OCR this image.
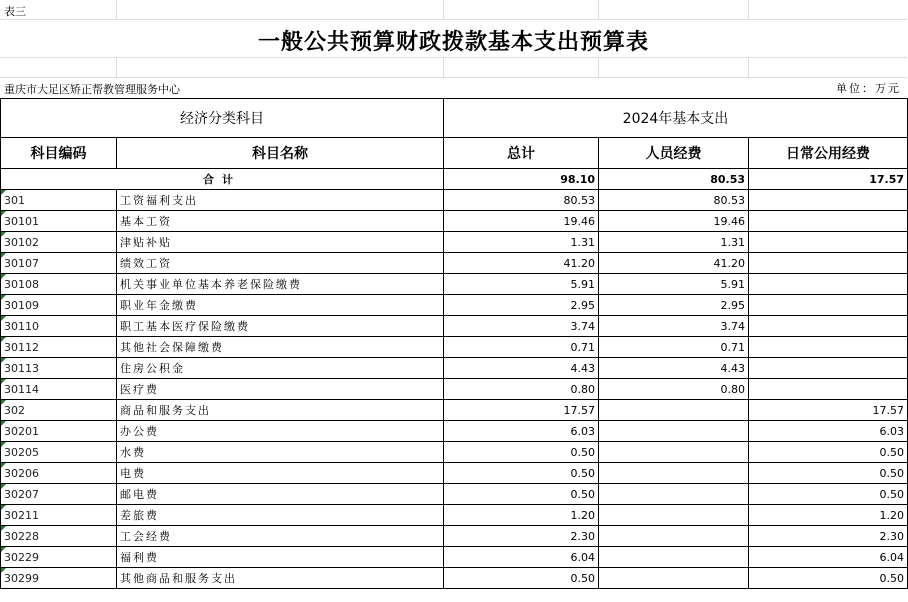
表三
一般公共预算财政拨款基本支出预算表
重庆市大足区矫正帮教管理服务中心	单位：万元
经济分类科目		2024年基本支出		
科目编码	科目名称	总计	人员经费	日常公用经费
合计		98.10	80.53	17.57
301	工资福利支出	80.53	80.53	
30101	基本工资	19.46	19.46	
30102	津贴补贴	1.31	1.31	
30107	绩效工资	41.20	41.20	
30108	机关事业单位基本养老保险缴费	5.91	5.91	
30109	职业年金缴费	2.95	2.95	
30110	职工基本医疗保险缴费	3.74	3.74	
30112	其他社会保障缴费	0.71	0.71	
30113	住房公积金	4.43	4.43	
30114	医疗费	0.80	0.80	
302	商品和服务支出	17.57		17.57
30201	办公费	6.03		6.03
30205	水费	0.50		0.50
30206	电费	0.50		0.50
30207	邮电费	0.50		0.50
30211	差旅费	1.20		1.20
30228	工会经费	2.30		2.30
30229	福利费	6.04		6.04
30299	其他商品和服务支出	0.50		0.50
